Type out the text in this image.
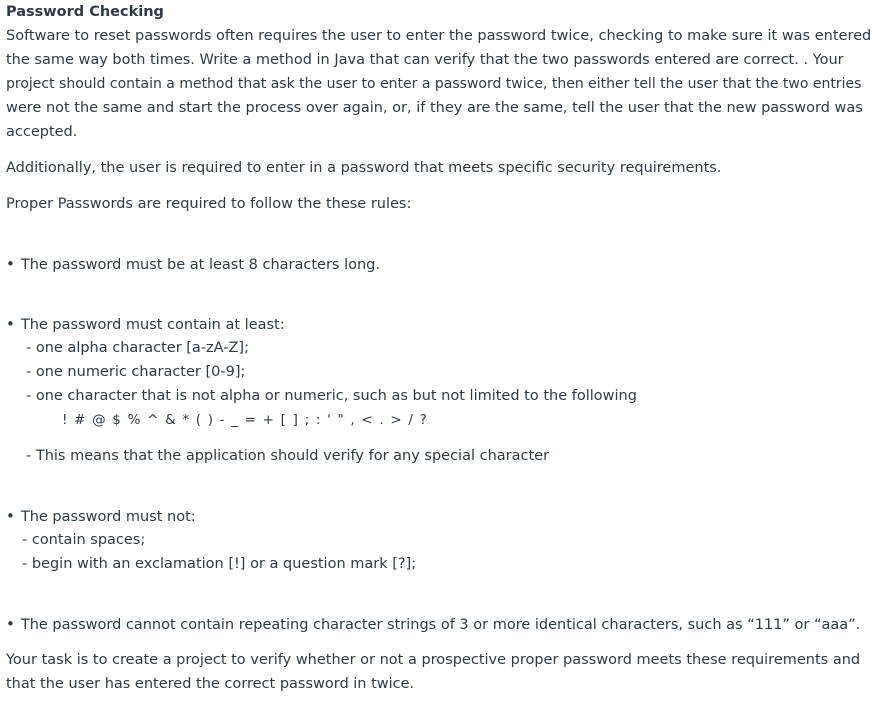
Password Checking
Software to reset passwords often requires the user to enter the password twice, checking to make sure it was entered
the same way both times. Write a method in Java that can verify that the two passwords entered are correct. . Your
project should contain a method that ask the user to enter a password twice, then either tell the user that the two entries
were not the same and start the process over again, or, if they are the same, tell the user that the new password was
accepted.
Additionally, the user is required to enter in a password that meets specific security requirements.
Proper Passwords are required to follow the these rules:
• The password must be at least 8 characters long.
• The password must contain at least:
- one alpha character [a-zA-Z];
- one numeric character [0-9];
- one character that is not alpha or numeric, such as but not limited to the following
! # @ $ % ^ & * ( ) - _ = + [ ] ; : ' " , < . > / ?
- This means that the application should verify for any special character
• The password must not:
- contain spaces;
- begin with an exclamation [!] or a question mark [?];
• The password cannot contain repeating character strings of 3 or more identical characters, such as “111” or “aaa”.
Your task is to create a project to verify whether or not a prospective proper password meets these requirements and
that the user has entered the correct password in twice.
